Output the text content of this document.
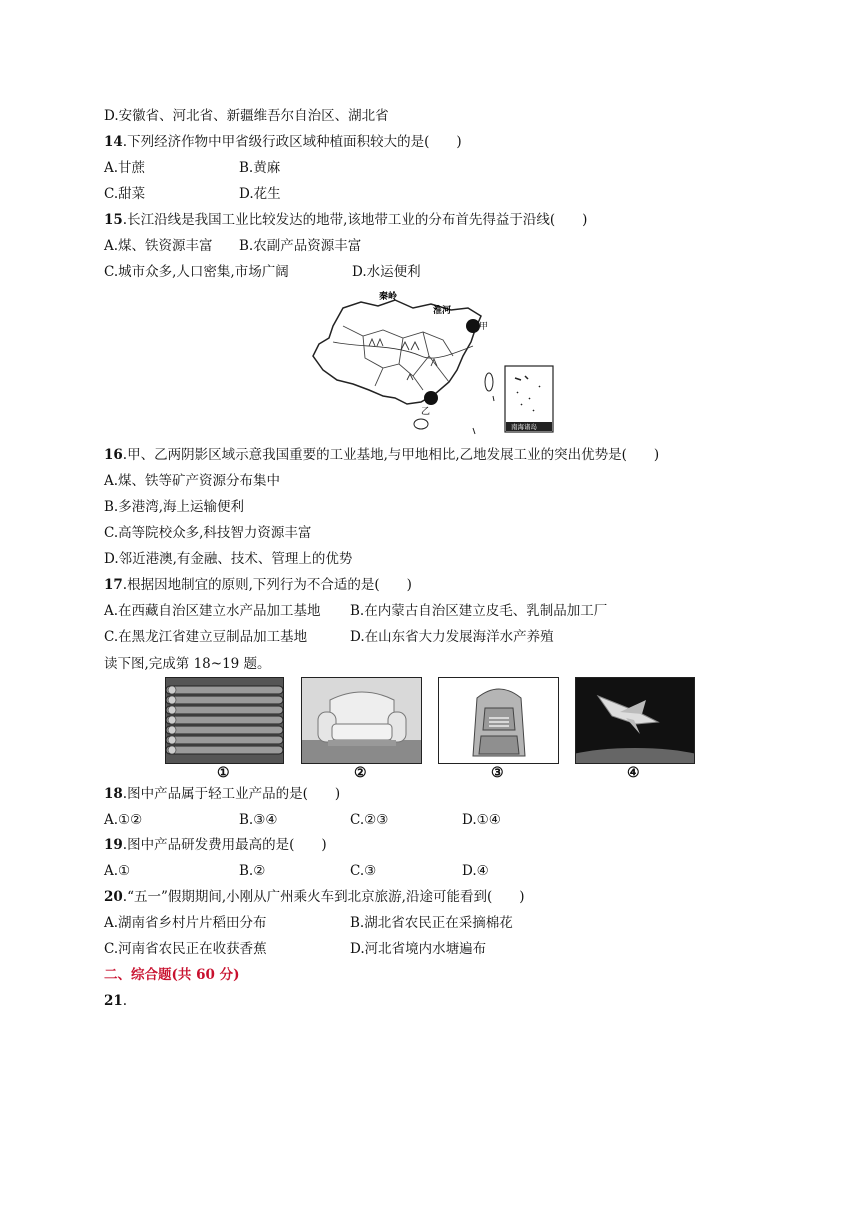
D.安徽省、河北省、新疆维吾尔自治区、湖北省
14.下列经济作物中甲省级行政区域种植面积较大的是(　　)
A.甘蔗	B.黄麻
C.甜菜	D.花生
15.长江沿线是我国工业比较发达的地带,该地带工业的分布首先得益于沿线(　　)
A.煤、铁资源丰富 B.农副产品资源丰富
C.城市众多,人口密集,市场广阔	D.水运便利
甲
乙
秦岭
淮河
南海诸岛
16.甲、乙两阴影区域示意我国重要的工业基地,与甲地相比,乙地发展工业的突出优势是(　　)
A.煤、铁等矿产资源分布集中
B.多港湾,海上运输便利
C.高等院校众多,科技智力资源丰富
D.邻近港澳,有金融、技术、管理上的优势
17.根据因地制宜的原则,下列行为不合适的是(　　)
A.在西藏自治区建立水产品加工基地 B.在内蒙古自治区建立皮毛、乳制品加工厂
C.在黑龙江省建立豆制品加工基地	D.在山东省大力发展海洋水产养殖
读下图,完成第 18~19 题。
①	②	③	④
18.图中产品属于轻工业产品的是(　　)
A.①②	B.③④	C.②③	D.①④
19.图中产品研发费用最高的是(　　)
A.①	B.②	C.③	D.④
20.“五一”假期期间,小刚从广州乘火车到北京旅游,沿途可能看到(　　)
A.湖南省乡村片片稻田分布	B.湖北省农民正在采摘棉花
C.河南省农民正在收获香蕉	D.河北省境内水塘遍布
二、综合题(共 60 分)
21.
